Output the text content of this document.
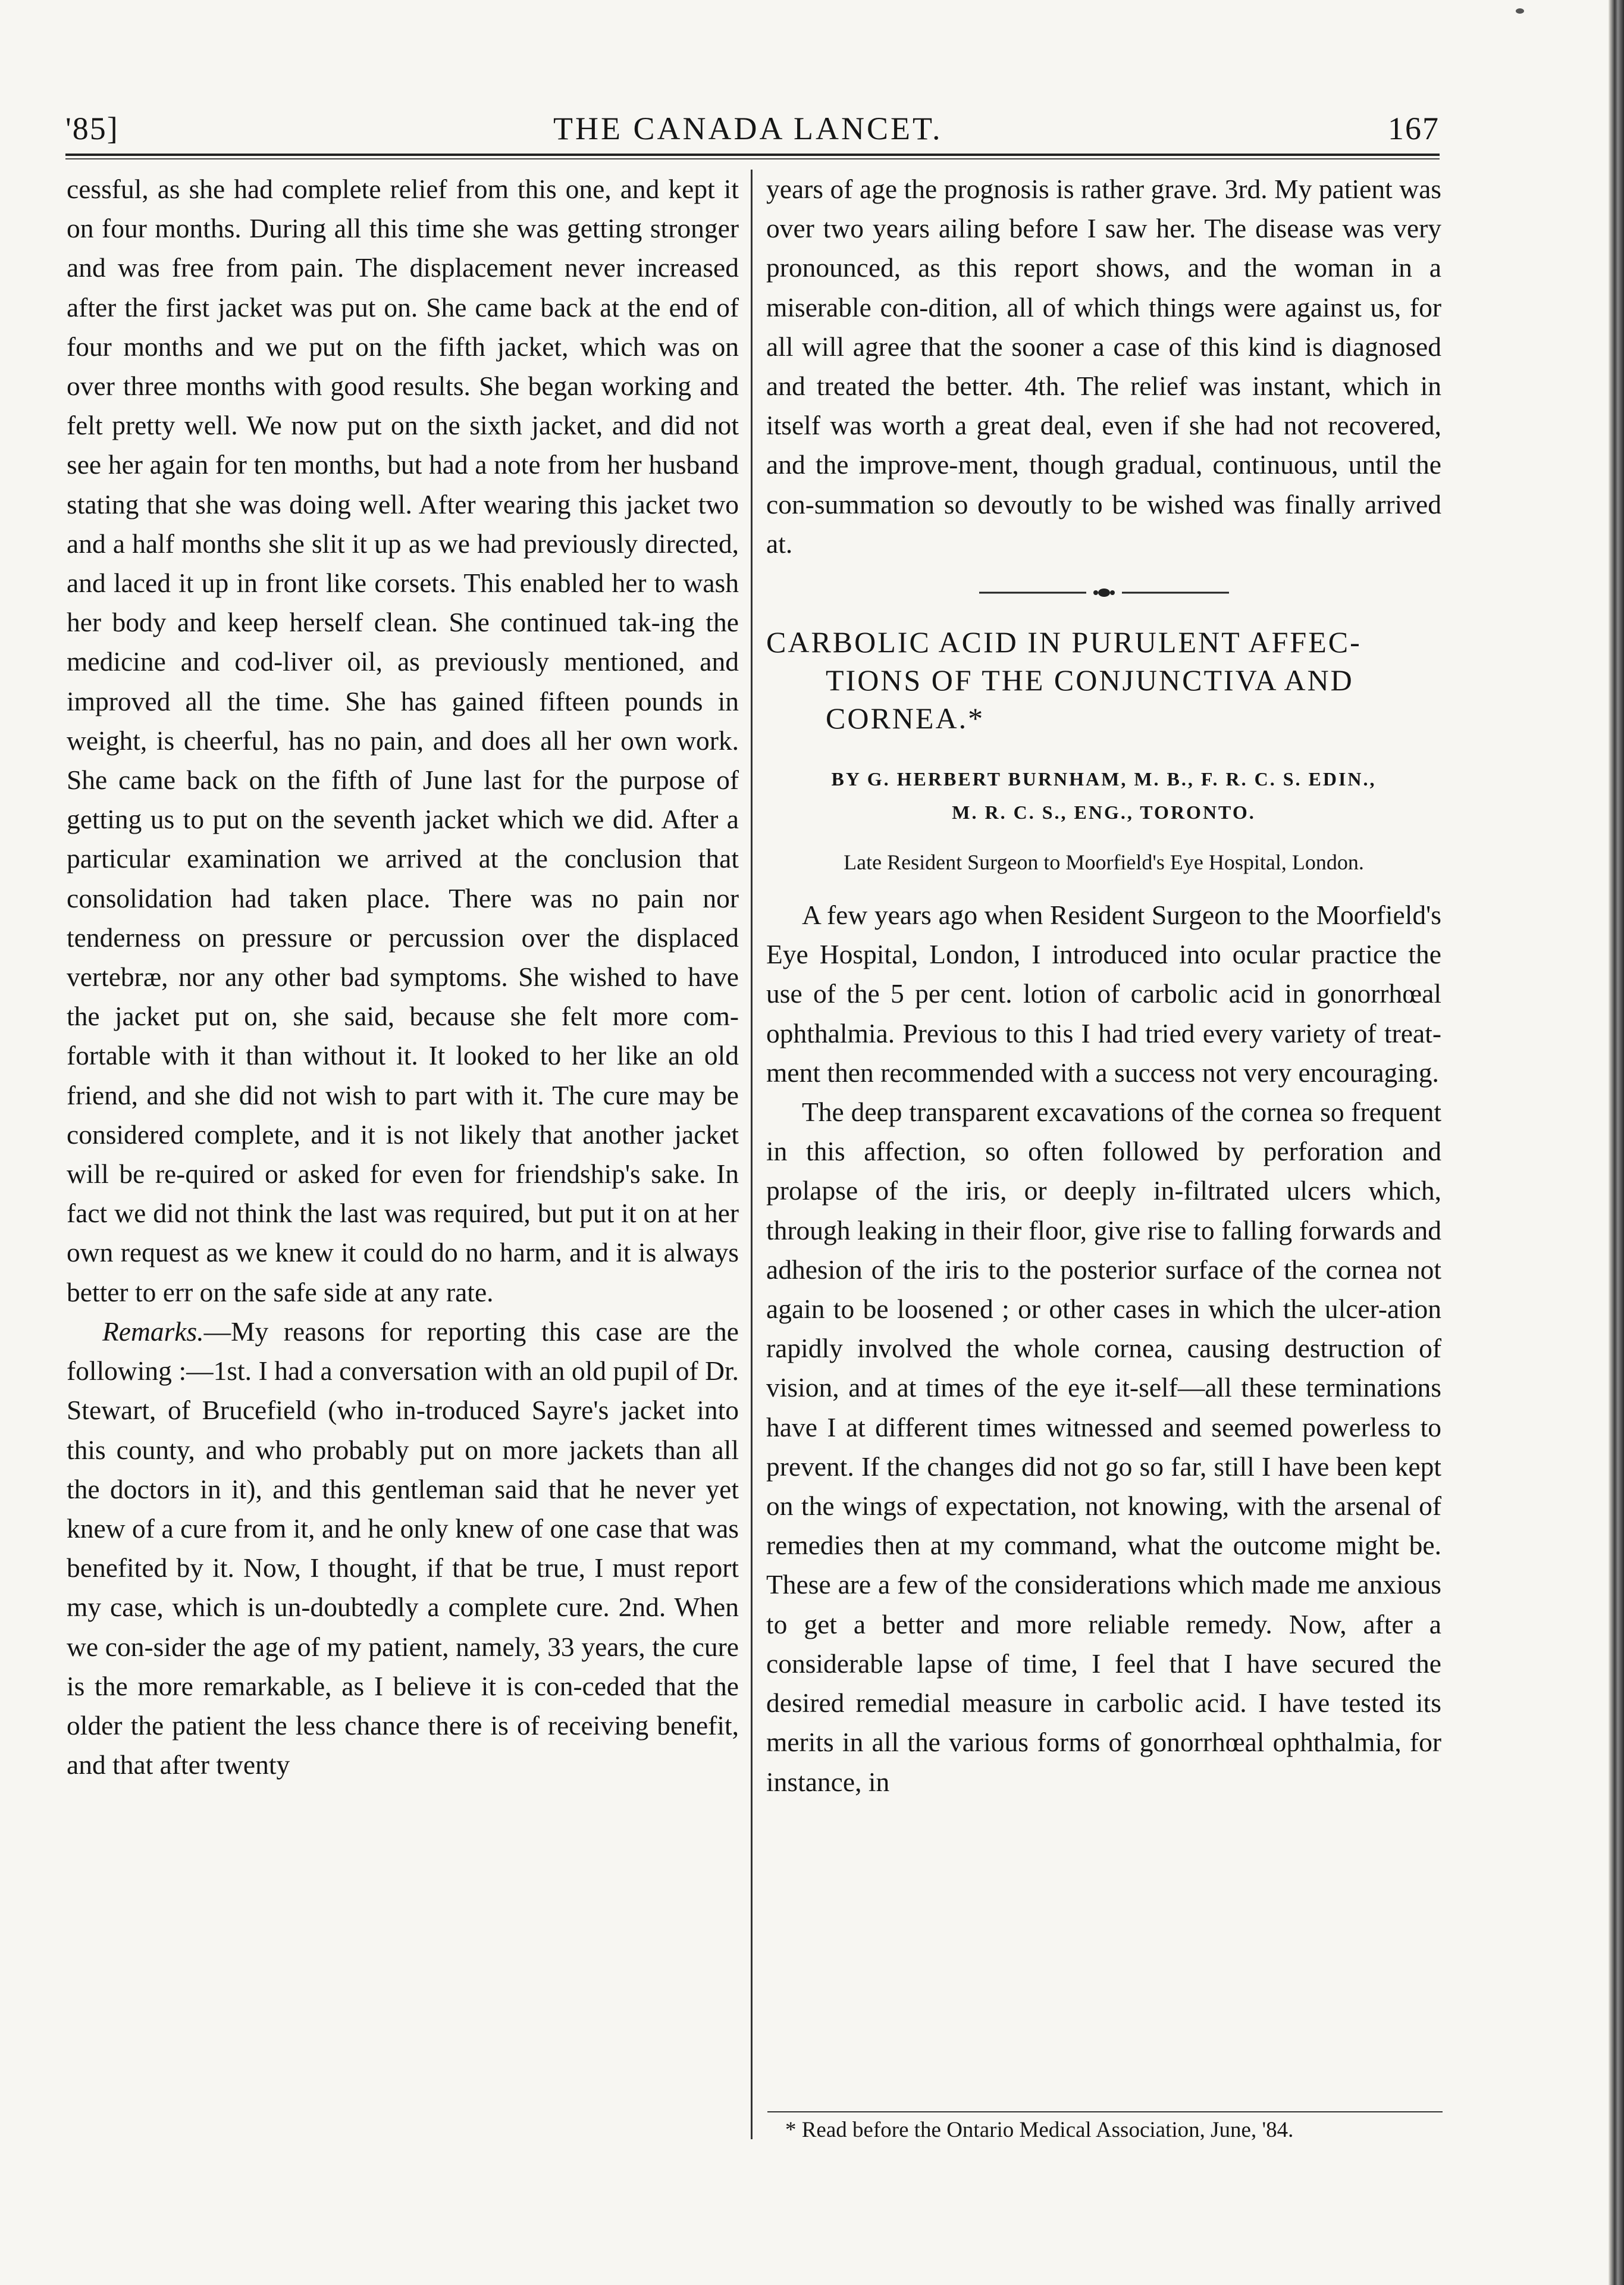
'85]	THE CANADA LANCET.	167

cessful, as she had complete relief from this one, and kept it on four months. During all this time she was getting stronger and was free from pain. The displacement never increased after the first jacket was put on. She came back at the end of four months and we put on the fifth jacket, which was on over three months with good results. She began working and felt pretty well. We now put on the sixth jacket, and did not see her again for ten months, but had a note from her husband stating that she was doing well. After wearing this jacket two and a half months she slit it up as we had previously directed, and laced it up in front like corsets. This enabled her to wash her body and keep herself clean. She continued tak-ing the medicine and cod-liver oil, as previously mentioned, and improved all the time. She has gained fifteen pounds in weight, is cheerful, has no pain, and does all her own work. She came back on the fifth of June last for the purpose of getting us to put on the seventh jacket which we did. After a particular examination we arrived at the conclusion that consolidation had taken place. There was no pain nor tenderness on pressure or percussion over the displaced vertebræ, nor any other bad symptoms. She wished to have the jacket put on, she said, because she felt more com-fortable with it than without it. It looked to her like an old friend, and she did not wish to part with it. The cure may be considered complete, and it is not likely that another jacket will be re-quired or asked for even for friendship's sake. In fact we did not think the last was required, but put it on at her own request as we knew it could do no harm, and it is always better to err on the safe side at any rate.

Remarks.—My reasons for reporting this case are the following :—1st. I had a conversation with an old pupil of Dr. Stewart, of Brucefield (who in-troduced Sayre's jacket into this county, and who probably put on more jackets than all the doctors in it), and this gentleman said that he never yet knew of a cure from it, and he only knew of one case that was benefited by it. Now, I thought, if that be true, I must report my case, which is un-doubtedly a complete cure. 2nd. When we con-sider the age of my patient, namely, 33 years, the cure is the more remarkable, as I believe it is con-ceded that the older the patient the less chance there is of receiving benefit, and that after twenty

years of age the prognosis is rather grave. 3rd. My patient was over two years ailing before I saw her. The disease was very pronounced, as this report shows, and the woman in a miserable con-dition, all of which things were against us, for all will agree that the sooner a case of this kind is diagnosed and treated the better. 4th. The relief was instant, which in itself was worth a great deal, even if she had not recovered, and the improve-ment, though gradual, continuous, until the con-summation so devoutly to be wished was finally arrived at.

CARBOLIC ACID IN PURULENT AFFEC-
TIONS OF THE CONJUNCTIVA AND
CORNEA.*
BY G. HERBERT BURNHAM, M. B., F. R. C. S. EDIN.,
M. R. C. S., ENG., TORONTO.
Late Resident Surgeon to Moorfield's Eye Hospital, London.

A few years ago when Resident Surgeon to the Moorfield's Eye Hospital, London, I introduced into ocular practice the use of the 5 per cent. lotion of carbolic acid in gonorrhœal ophthalmia. Previous to this I had tried every variety of treat-ment then recommended with a success not very encouraging.

The deep transparent excavations of the cornea so frequent in this affection, so often followed by perforation and prolapse of the iris, or deeply in-filtrated ulcers which, through leaking in their floor, give rise to falling forwards and adhesion of the iris to the posterior surface of the cornea not again to be loosened ; or other cases in which the ulcer-ation rapidly involved the whole cornea, causing destruction of vision, and at times of the eye it-self—all these terminations have I at different times witnessed and seemed powerless to prevent. If the changes did not go so far, still I have been kept on the wings of expectation, not knowing, with the arsenal of remedies then at my command, what the outcome might be. These are a few of the considerations which made me anxious to get a better and more reliable remedy. Now, after a considerable lapse of time, I feel that I have secured the desired remedial measure in carbolic acid. I have tested its merits in all the various forms of gonorrhœal ophthalmia, for instance, in

* Read before the Ontario Medical Association, June, '84.
